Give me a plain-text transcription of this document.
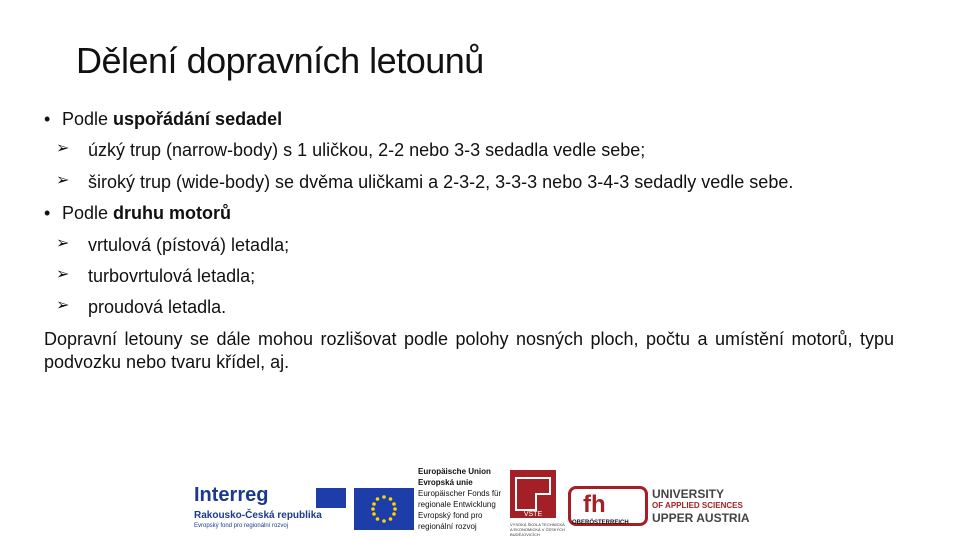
Dělení dopravních letounů
• Podle uspořádání sedadel
➢ úzký trup (narrow-body) s 1 uličkou, 2-2 nebo 3-3 sedadla vedle sebe;
➢ široký trup (wide-body) se dvěma uličkami a 2-3-2, 3-3-3 nebo 3-4-3 sedadly vedle sebe.
• Podle druhu motorů
➢ vrtulová (pístová) letadla;
➢ turbovrtulová letadla;
➢ proudová letadla.
Dopravní letouny se dále mohou rozlišovat podle polohy nosných ploch, počtu a umístění motorů, typu podvozku nebo tvaru křídel, aj.
Interreg
Rakousko-Česká republika
Evropský fond pro regionální rozvoj
Europäische Union
Evropská unie
Europäischer Fonds für
regionale Entwicklung
Evropský fond pro
regionální rozvoj
VŠTE
VYSOKÁ ŠKOLA TECHNICKÁ A EKONOMICKÁ V ČESKÝCH BUDĚJOVICÍCH
fh
OBERÖSTERREICH
UNIVERSITY
OF APPLIED SCIENCES
UPPER AUSTRIA
